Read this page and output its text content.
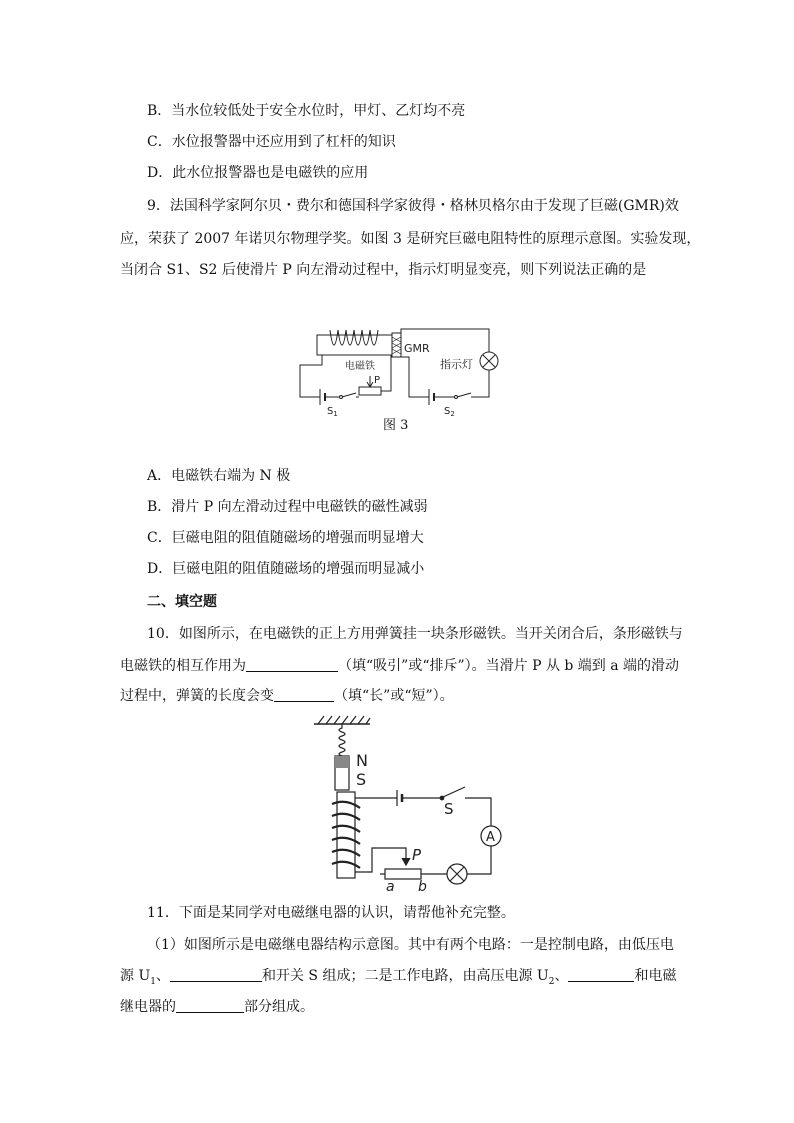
B．当水位较低处于安全水位时，甲灯、乙灯均不亮
C．水位报警器中还应用到了杠杆的知识
D．此水位报警器也是电磁铁的应用
9．法国科学家阿尔贝・费尔和德国科学家彼得・格林贝格尔由于发现了巨磁(GMR)效
应，荣获了 2007 年诺贝尔物理学奖。如图 3 是研究巨磁电阻特性的原理示意图。实验发现，
当闭合 S1、S2 后使滑片 P 向左滑动过程中，指示灯明显变亮，则下列说法正确的是
GMR
电磁铁
P
指示灯
$S_1$	$S_2$
图 3
A．电磁铁右端为 N 极
B．滑片 P 向左滑动过程中电磁铁的磁性减弱
C．巨磁电阻的阻值随磁场的增强而明显增大
D．巨磁电阻的阻值随磁场的增强而明显减小
二、填空题
10．如图所示，在电磁铁的正上方用弹簧挂一块条形磁铁。当开关闭合后，条形磁铁与
电磁铁的相互作用为	（填“吸引”或“排斥”）。当滑片 P 从 b 端到 a 端的滑动
过程中，弹簧的长度会变	（填“长”或“短”）。
N
S
S
A
P
a b
11．下面是某同学对电磁继电器的认识，请帮他补充完整。
（1）如图所示是电磁继电器结构示意图。其中有两个电路：一是控制电路，由低压电
源 $U_1$、	和开关 S 组成；二是工作电路，由高压电源 $U_2$、	和电磁
继电器的	部分组成。
